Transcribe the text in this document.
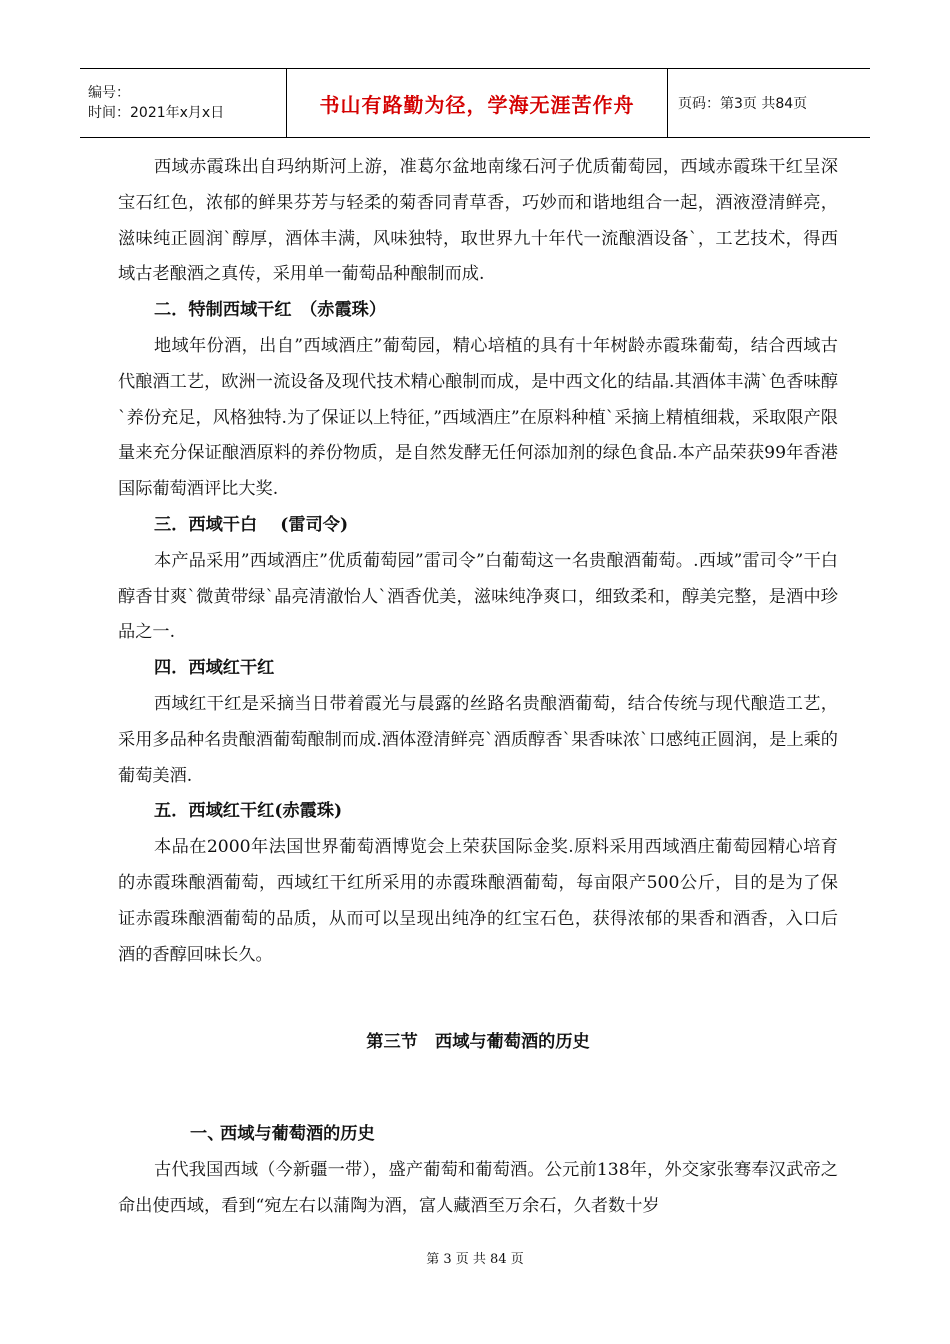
编号：
时间：2021年x月x日	书山有路勤为径，学海无涯苦作舟	页码：第3页 共84页

西域赤霞珠出自玛纳斯河上游，准葛尔盆地南缘石河子优质葡萄园，西域赤霞珠干红呈深宝石红色，浓郁的鲜果芬芳与轻柔的菊香同青草香，巧妙而和谐地组合一起，酒液澄清鲜亮，滋味纯正圆润`醇厚，酒体丰满，风味独特，取世界九十年代一流酿酒设备`，工艺技术，得西域古老酿酒之真传，采用单一葡萄品种酿制而成.

二．特制西域干红　（赤霞珠）

地域年份酒，出自”西域酒庄”葡萄园，精心培植的具有十年树龄赤霞珠葡萄，结合西域古代酿酒工艺，欧洲一流设备及现代技术精心酿制而成，是中西文化的结晶.其酒体丰满`色香味醇`养份充足，风格独特.为了保证以上特征，”西域酒庄”在原料种植`采摘上精植细栽，采取限产限量来充分保证酿酒原料的养份物质，是自然发酵无任何添加剂的绿色食品.本产品荣获99年香港国际葡萄酒评比大奖.

三．西域干白　 (雷司令)

本产品采用”西域酒庄”优质葡萄园”雷司令”白葡萄这一名贵酿酒葡萄。.西域”雷司令”干白醇香甘爽`微黄带绿`晶亮清澈怡人`酒香优美，滋味纯净爽口，细致柔和，醇美完整，是酒中珍品之一.

四．西域红干红

西域红干红是采摘当日带着霞光与晨露的丝路名贵酿酒葡萄，结合传统与现代酿造工艺，采用多品种名贵酿酒葡萄酿制而成.酒体澄清鲜亮`酒质醇香`果香味浓`口感纯正圆润，是上乘的葡萄美酒.

五．西域红干红(赤霞珠)

本品在2000年法国世界葡萄酒博览会上荣获国际金奖.原料采用西域酒庄葡萄园精心培育的赤霞珠酿酒葡萄，西域红干红所采用的赤霞珠酿酒葡萄，每亩限产500公斤，目的是为了保证赤霞珠酿酒葡萄的品质，从而可以呈现出纯净的红宝石色，获得浓郁的果香和酒香，入口后酒的香醇回味长久。

第三节　西域与葡萄酒的历史
一、西域与葡萄酒的历史

古代我国西域（今新疆一带），盛产葡萄和葡萄酒。公元前138年，外交家张骞奉汉武帝之命出使西域，看到“宛左右以蒲陶为酒，富人藏酒至万余石，久者数十岁

第 3 页 共 84 页
